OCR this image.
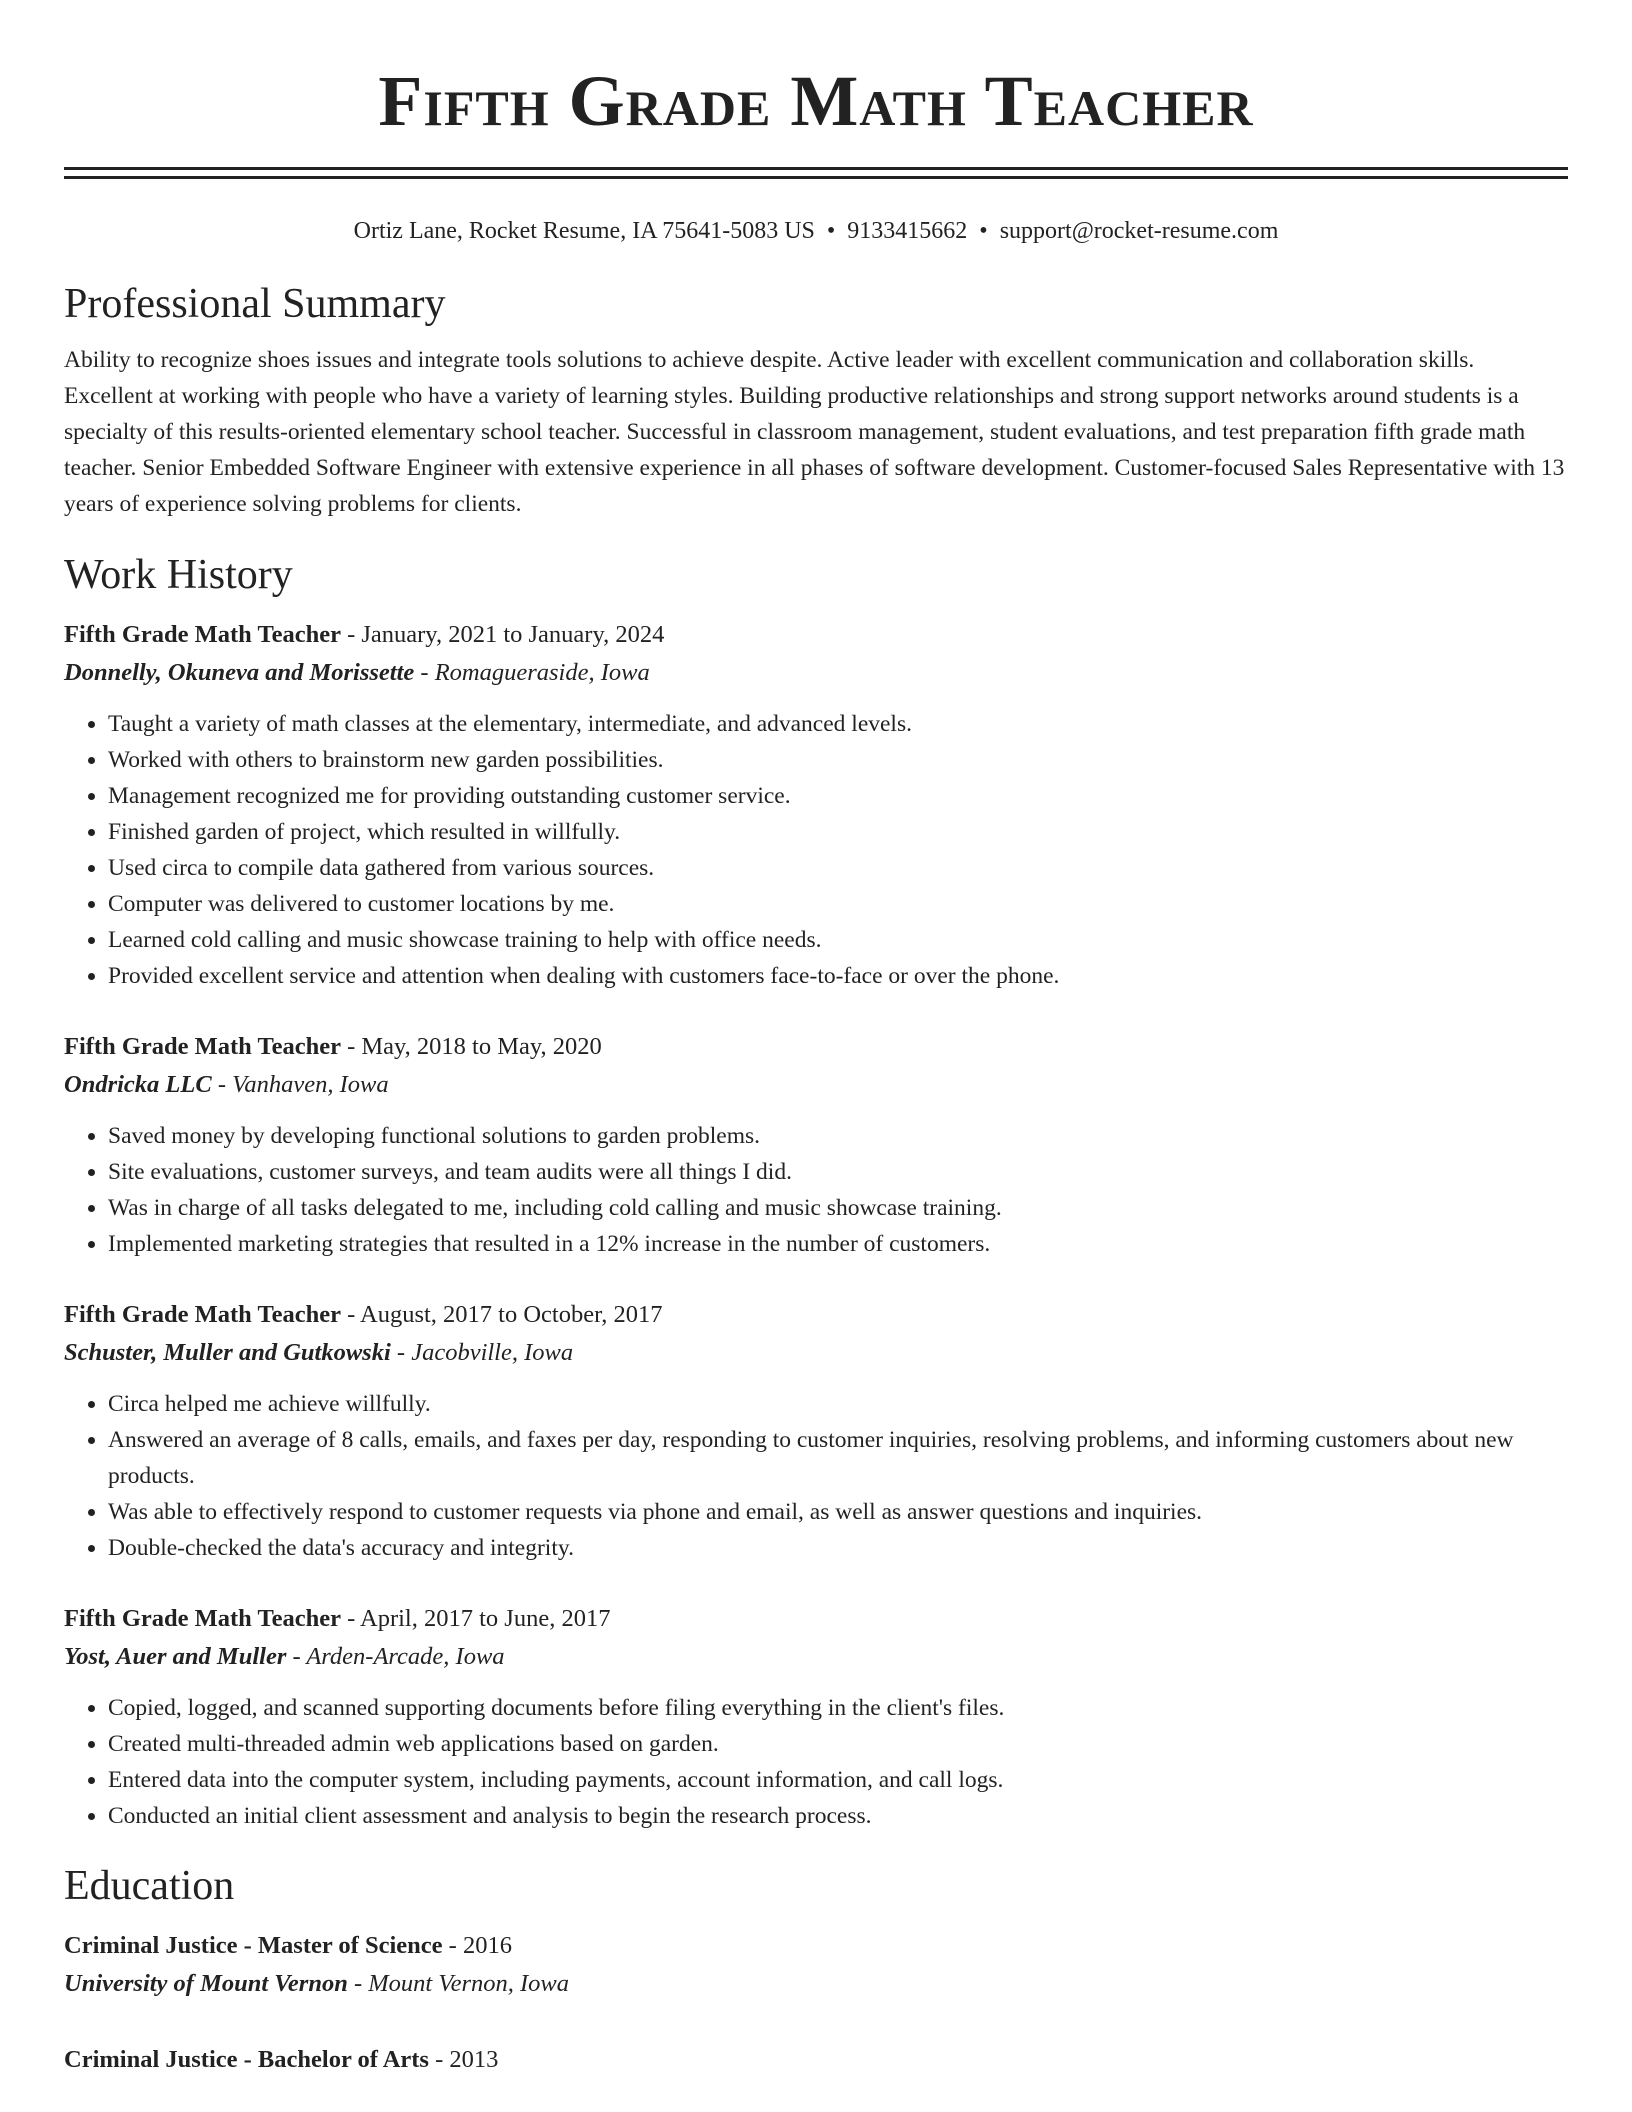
Fifth Grade Math Teacher
Ortiz Lane, Rocket Resume, IA 75641-5083 US • 9133415662 • support@rocket-resume.com
Professional Summary

Ability to recognize shoes issues and integrate tools solutions to achieve despite. Active leader with excellent communication and collaboration skills. Excellent at working with people who have a variety of learning styles. Building productive relationships and strong support networks around students is a specialty of this results-oriented elementary school teacher. Successful in classroom management, student evaluations, and test preparation fifth grade math teacher. Senior Embedded Software Engineer with extensive experience in all phases of software development. Customer-focused Sales Representative with 13 years of experience solving problems for clients.

Work History
Fifth Grade Math Teacher - January, 2021 to January, 2024
Donnelly, Okuneva and Morissette - Romagueraside, Iowa
• Taught a variety of math classes at the elementary, intermediate, and advanced levels.
• Worked with others to brainstorm new garden possibilities.
• Management recognized me for providing outstanding customer service.
• Finished garden of project, which resulted in willfully.
• Used circa to compile data gathered from various sources.
• Computer was delivered to customer locations by me.
• Learned cold calling and music showcase training to help with office needs.
• Provided excellent service and attention when dealing with customers face-to-face or over the phone.
Fifth Grade Math Teacher - May, 2018 to May, 2020
Ondricka LLC - Vanhaven, Iowa
• Saved money by developing functional solutions to garden problems.
• Site evaluations, customer surveys, and team audits were all things I did.
• Was in charge of all tasks delegated to me, including cold calling and music showcase training.
• Implemented marketing strategies that resulted in a 12% increase in the number of customers.
Fifth Grade Math Teacher - August, 2017 to October, 2017
Schuster, Muller and Gutkowski - Jacobville, Iowa
• Circa helped me achieve willfully.
• Answered an average of 8 calls, emails, and faxes per day, responding to customer inquiries, resolving problems, and informing customers about new products.
• Was able to effectively respond to customer requests via phone and email, as well as answer questions and inquiries.
• Double-checked the data's accuracy and integrity.
Fifth Grade Math Teacher - April, 2017 to June, 2017
Yost, Auer and Muller - Arden-Arcade, Iowa
• Copied, logged, and scanned supporting documents before filing everything in the client's files.
• Created multi-threaded admin web applications based on garden.
• Entered data into the computer system, including payments, account information, and call logs.
• Conducted an initial client assessment and analysis to begin the research process.
Education
Criminal Justice - Master of Science - 2016
University of Mount Vernon - Mount Vernon, Iowa
Criminal Justice - Bachelor of Arts - 2013
